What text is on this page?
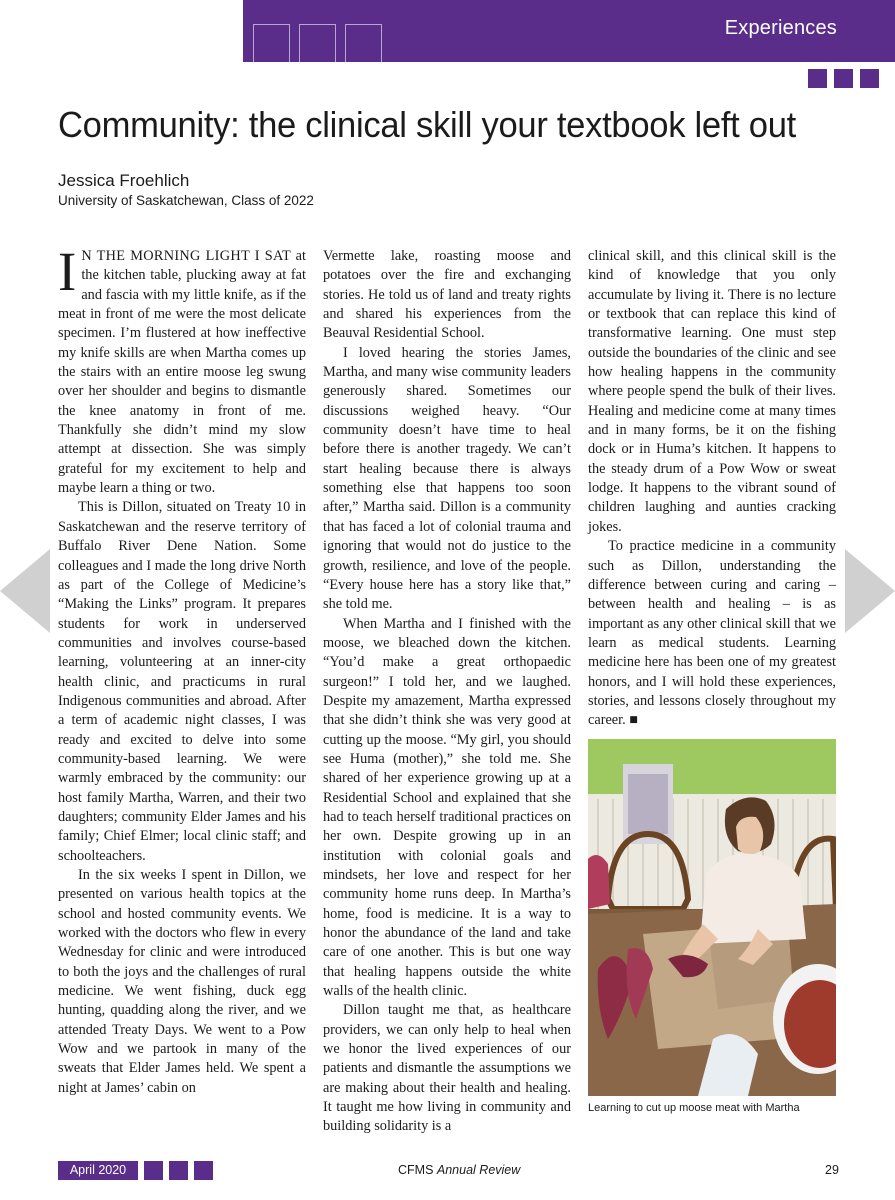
Experiences
Community: the clinical skill your textbook left out
Jessica Froehlich
University of Saskatchewan, Class of 2022

I N THE MORNING LIGHT I SAT at the kitchen table, plucking away at fat and fascia with my little knife, as if the meat in front of me were the most delicate specimen. I’m flustered at how ineffective my knife skills are when Martha comes up the stairs with an entire moose leg swung over her shoulder and begins to dismantle the knee anatomy in front of me. Thankfully she didn’t mind my slow attempt at dissection. She was simply grateful for my excitement to help and maybe learn a thing or two.

This is Dillon, situated on Treaty 10 in Saskatchewan and the reserve territory of Buffalo River Dene Nation. Some colleagues and I made the long drive North as part of the College of Medicine’s “Making the Links” program. It prepares students for work in underserved communities and involves course-based learning, volunteering at an inner-city health clinic, and practicums in rural Indigenous communities and abroad. After a term of academic night classes, I was ready and excited to delve into some community-based learning. We were warmly embraced by the community: our host family Martha, Warren, and their two daughters; community Elder James and his family; Chief Elmer; local clinic staff; and schoolteachers.

In the six weeks I spent in Dillon, we presented on various health topics at the school and hosted community events. We worked with the doctors who flew in every Wednesday for clinic and were introduced to both the joys and the challenges of rural medicine. We went fishing, duck egg hunting, quadding along the river, and we attended Treaty Days. We went to a Pow Wow and we partook in many of the sweats that Elder James held. We spent a night at James’ cabin on

Vermette lake, roasting moose and potatoes over the fire and exchanging stories. He told us of land and treaty rights and shared his experiences from the Beauval Residential School.

I loved hearing the stories James, Martha, and many wise community leaders generously shared. Sometimes our discussions weighed heavy. “Our community doesn’t have time to heal before there is another tragedy. We can’t start healing because there is always something else that happens too soon after,” Martha said. Dillon is a community that has faced a lot of colonial trauma and ignoring that would not do justice to the growth, resilience, and love of the people. “Every house here has a story like that,” she told me.

When Martha and I finished with the moose, we bleached down the kitchen. “You’d make a great orthopaedic surgeon!” I told her, and we laughed. Despite my amazement, Martha expressed that she didn’t think she was very good at cutting up the moose. “My girl, you should see Huma (mother),” she told me. She shared of her experience growing up at a Residential School and explained that she had to teach herself traditional practices on her own. Despite growing up in an institution with colonial goals and mindsets, her love and respect for her community home runs deep. In Martha’s home, food is medicine. It is a way to honor the abundance of the land and take care of one another. This is but one way that healing happens outside the white walls of the health clinic.

Dillon taught me that, as healthcare providers, we can only help to heal when we honor the lived experiences of our patients and dismantle the assumptions we are making about their health and healing. It taught me how living in community and building solidarity is a

clinical skill, and this clinical skill is the kind of knowledge that you only accumulate by living it. There is no lecture or textbook that can replace this kind of transformative learning. One must step outside the boundaries of the clinic and see how healing happens in the community where people spend the bulk of their lives. Healing and medicine come at many times and in many forms, be it on the fishing dock or in Huma’s kitchen. It happens to the steady drum of a Pow Wow or sweat lodge. It happens to the vibrant sound of children laughing and aunties cracking jokes.

To practice medicine in a community such as Dillon, understanding the difference between curing and caring – between health and healing – is as important as any other clinical skill that we learn as medical students. Learning medicine here has been one of my greatest honors, and I will hold these experiences, stories, and lessons closely throughout my career. ■

Learning to cut up moose meat with Martha
April 2020	CFMS Annual Review	29
